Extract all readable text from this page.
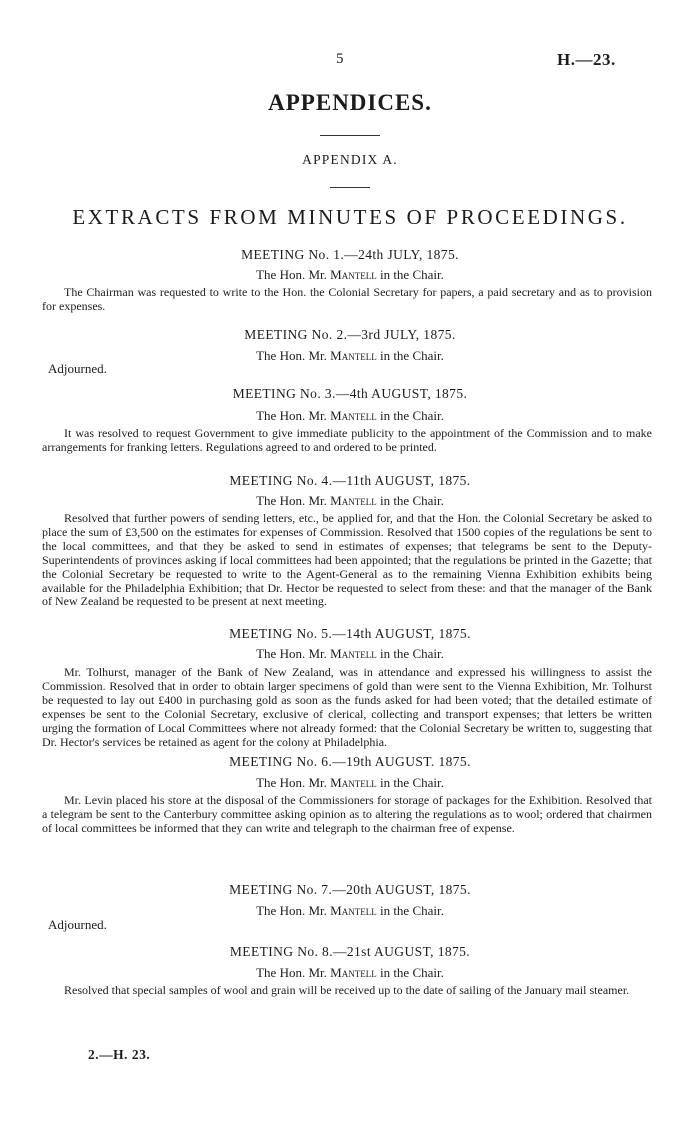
5	H.—23.
APPENDICES.
APPENDIX A.
EXTRACTS FROM MINUTES OF PROCEEDINGS.
MEETING No. 1.—24th JULY, 1875.
The Hon. Mr. Mantell in the Chair.
The Chairman was requested to write to the Hon. the Colonial Secretary for papers, a paid secretary and as to provision for expenses.
MEETING No. 2.—3rd JULY, 1875.
The Hon. Mr. Mantell in the Chair.
Adjourned.
MEETING No. 3.—4th AUGUST, 1875.
The Hon. Mr. Mantell in the Chair.
It was resolved to request Government to give immediate publicity to the appointment of the Commission and to make arrangements for franking letters. Regulations agreed to and ordered to be printed.
MEETING No. 4.—11th AUGUST, 1875.
The Hon. Mr. Mantell in the Chair.
Resolved that further powers of sending letters, etc., be applied for, and that the Hon. the Colonial Secretary be asked to place the sum of £3,500 on the estimates for expenses of Commission. Resolved that 1500 copies of the regulations be sent to the local committees, and that they be asked to send in estimates of expenses; that telegrams be sent to the Deputy-Superintendents of provinces asking if local committees had been appointed; that the regulations be printed in the Gazette; that the Colonial Secretary be requested to write to the Agent-General as to the remaining Vienna Exhibition exhibits being available for the Philadelphia Exhibition; that Dr. Hector be requested to select from these: and that the manager of the Bank of New Zealand be requested to be present at next meeting.
MEETING No. 5.—14th AUGUST, 1875.
The Hon. Mr. Mantell in the Chair.
Mr. Tolhurst, manager of the Bank of New Zealand, was in attendance and expressed his willingness to assist the Commission. Resolved that in order to obtain larger specimens of gold than were sent to the Vienna Exhibition, Mr. Tolhurst be requested to lay out £400 in purchasing gold as soon as the funds asked for had been voted; that the detailed estimate of expenses be sent to the Colonial Secretary, exclusive of clerical, collecting and transport expenses; that letters be written urging the formation of Local Committees where not already formed: that the Colonial Secretary be written to, suggesting that Dr. Hector's services be retained as agent for the colony at Philadelphia.
MEETING No. 6.—19th AUGUST. 1875.
The Hon. Mr. Mantell in the Chair.
Mr. Levin placed his store at the disposal of the Commissioners for storage of packages for the Exhibition. Resolved that a telegram be sent to the Canterbury committee asking opinion as to altering the regulations as to wool; ordered that chairmen of local committees be informed that they can write and telegraph to the chairman free of expense.
MEETING No. 7.—20th AUGUST, 1875.
The Hon. Mr. Mantell in the Chair.
Adjourned.
MEETING No. 8.—21st AUGUST, 1875.
The Hon. Mr. Mantell in the Chair.
Resolved that special samples of wool and grain will be received up to the date of sailing of the January mail steamer.
2.—H. 23.
